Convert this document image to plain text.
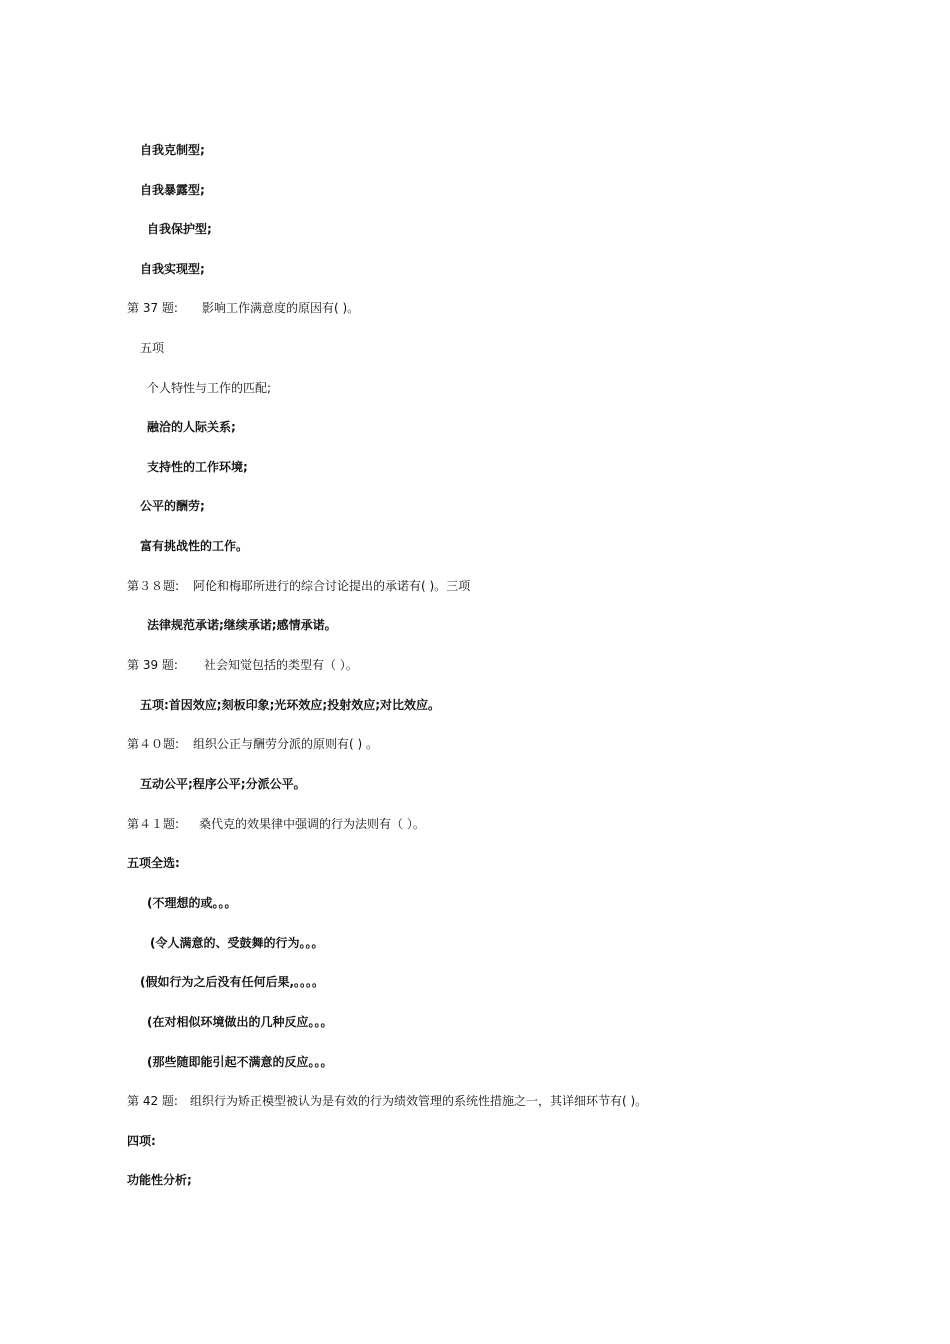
自我克制型;
自我暴露型;
自我保护型;
自我实现型;
第 37 题: 影响工作满意度的原因有( )。
五项
个人特性与工作的匹配;
融洽的人际关系;
支持性的工作环境;
公平的酬劳;
富有挑战性的工作。
第３８题: 阿伦和梅耶所进行的综合讨论提出的承诺有( )。三项
法律规范承诺;继续承诺;感情承诺。
第 39 题: 社会知觉包括的类型有（ ）。
五项:首因效应;刻板印象;光环效应;投射效应;对比效应。
第４０题: 组织公正与酬劳分派的原则有( ) 。
互动公平;程序公平;分派公平。
第４１题: 桑代克的效果律中强调的行为法则有（ ）。
五项全选:
(不理想的或。。。
(令人满意的、受鼓舞的行为。。。
(假如行为之后没有任何后果,。。。。
(在对相似环境做出的几种反应。。。
(那些随即能引起不满意的反应。。。
第 42 题: 组织行为矫正模型被认为是有效的行为绩效管理的系统性措施之一，其详细环节有( )。
四项:
功能性分析;
